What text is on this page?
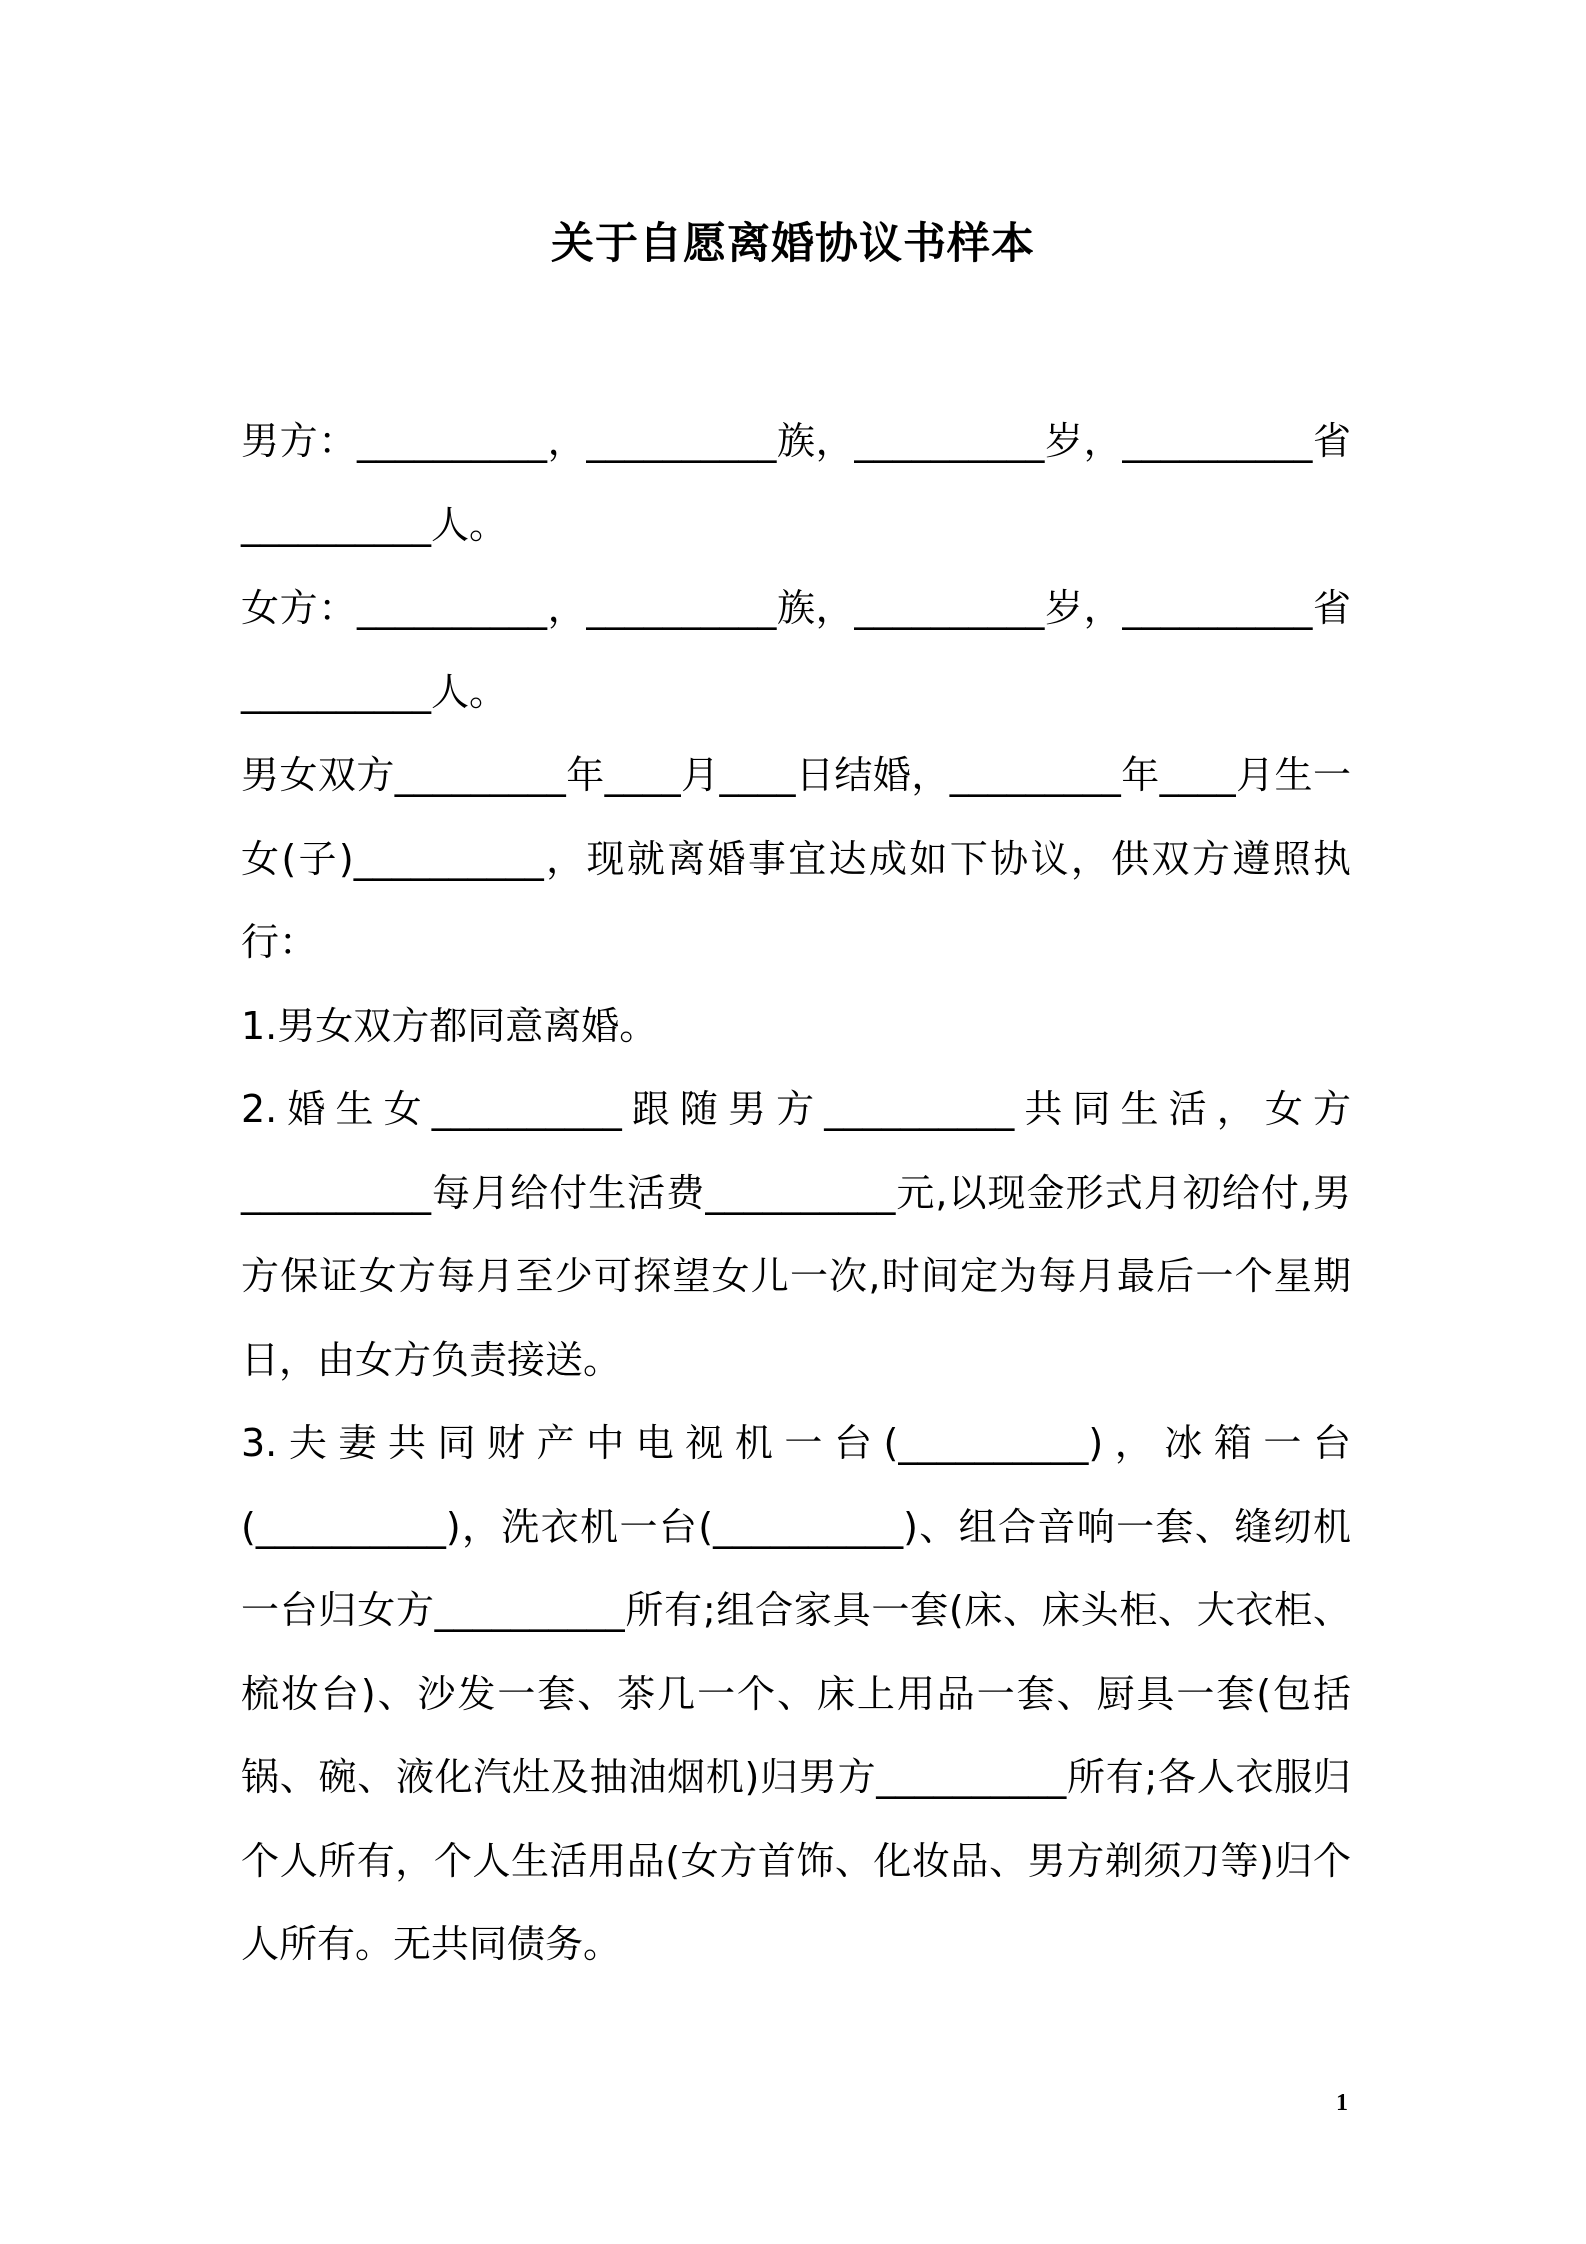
关于自愿离婚协议书样本

男方：__________，__________族，__________岁，__________省__________人。

女方：__________，__________族，__________岁，__________省__________人。

男女双方_________年____月____日结婚，_________年____月生一女(子)__________，现就离婚事宜达成如下协议，供双方遵照执行：

1.男女双方都同意离婚。

2.婚生女__________跟随男方__________共同生活，女方__________每月给付生活费__________元,以现金形式月初给付,男方保证女方每月至少可探望女儿一次,时间定为每月最后一个星期日，由女方负责接送。

3.夫妻共同财产中电视机一台(__________)，冰箱一台(__________)，洗衣机一台(__________)、组合音响一套、缝纫机一台归女方__________所有;组合家具一套(床、床头柜、大衣柜、梳妆台)、沙发一套、茶几一个、床上用品一套、厨具一套(包括锅、碗、液化汽灶及抽油烟机)归男方__________所有;各人衣服归个人所有，个人生活用品(女方首饰、化妆品、男方剃须刀等)归个人所有。无共同债务。

1
